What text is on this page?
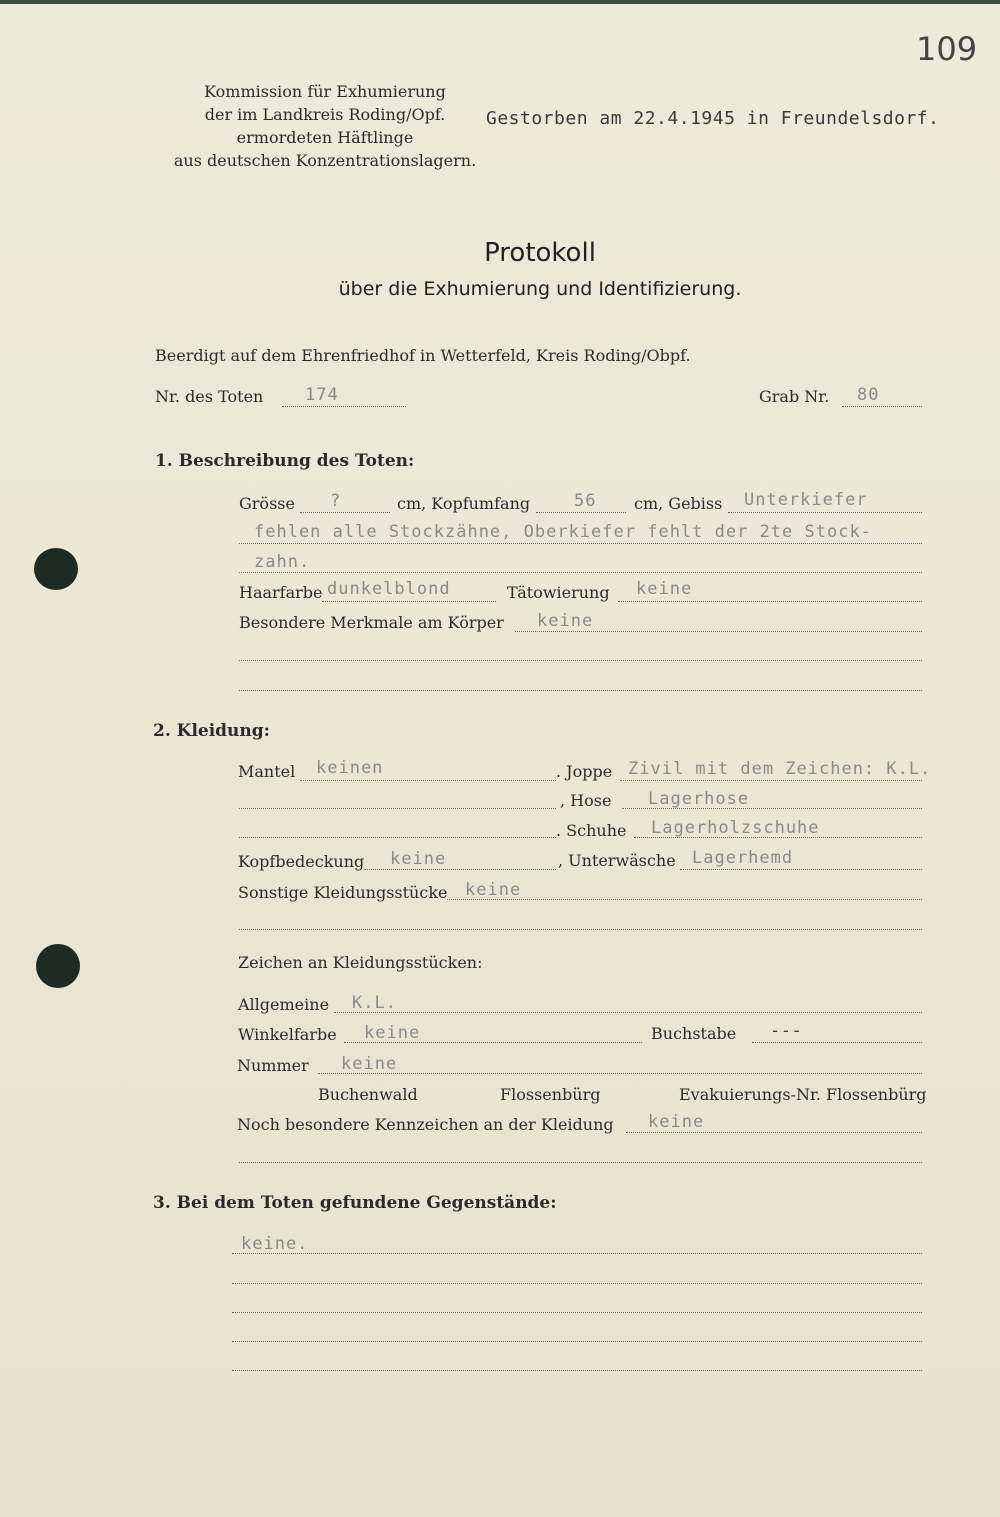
109
Kommission für Exhumierung
der im Landkreis Roding/Opf.
ermordeten Häftlinge
aus deutschen Konzentrationslagern.
Gestorben am 22.4.1945 in Freundelsdorf.
Protokoll
über die Exhumierung und Identifizierung.
Beerdigt auf dem Ehrenfriedhof in Wetterfeld, Kreis Roding/Obpf.
Nr. des Toten 174	Grab Nr. 80
1. Beschreibung des Toten:
Grösse ?	cm, Kopfumfang	56 cm, Gebiss Unterkiefer
fehlen alle Stockzähne, Oberkiefer fehlt der 2te Stock-
zahn.
Haarfarbe dunkelblond	Tätowierung keine
Besondere Merkmale am Körper keine
2. Kleidung:
Mantel keinen	. Joppe Zivil mit dem Zeichen: K.L.
, Hose Lagerhose
. Schuhe Lagerholzschuhe
Kopfbedeckung keine	, Unterwäsche Lagerhemd
Sonstige Kleidungsstücke keine
Zeichen an Kleidungsstücken:
Allgemeine K.L.
Winkelfarbe keine	Buchstabe ---
Nummer keine
Buchenwald	Flossenbürg	Evakuierungs-Nr. Flossenbürg
Noch besondere Kennzeichen an der Kleidung keine
3. Bei dem Toten gefundene Gegenstände:
keine.
